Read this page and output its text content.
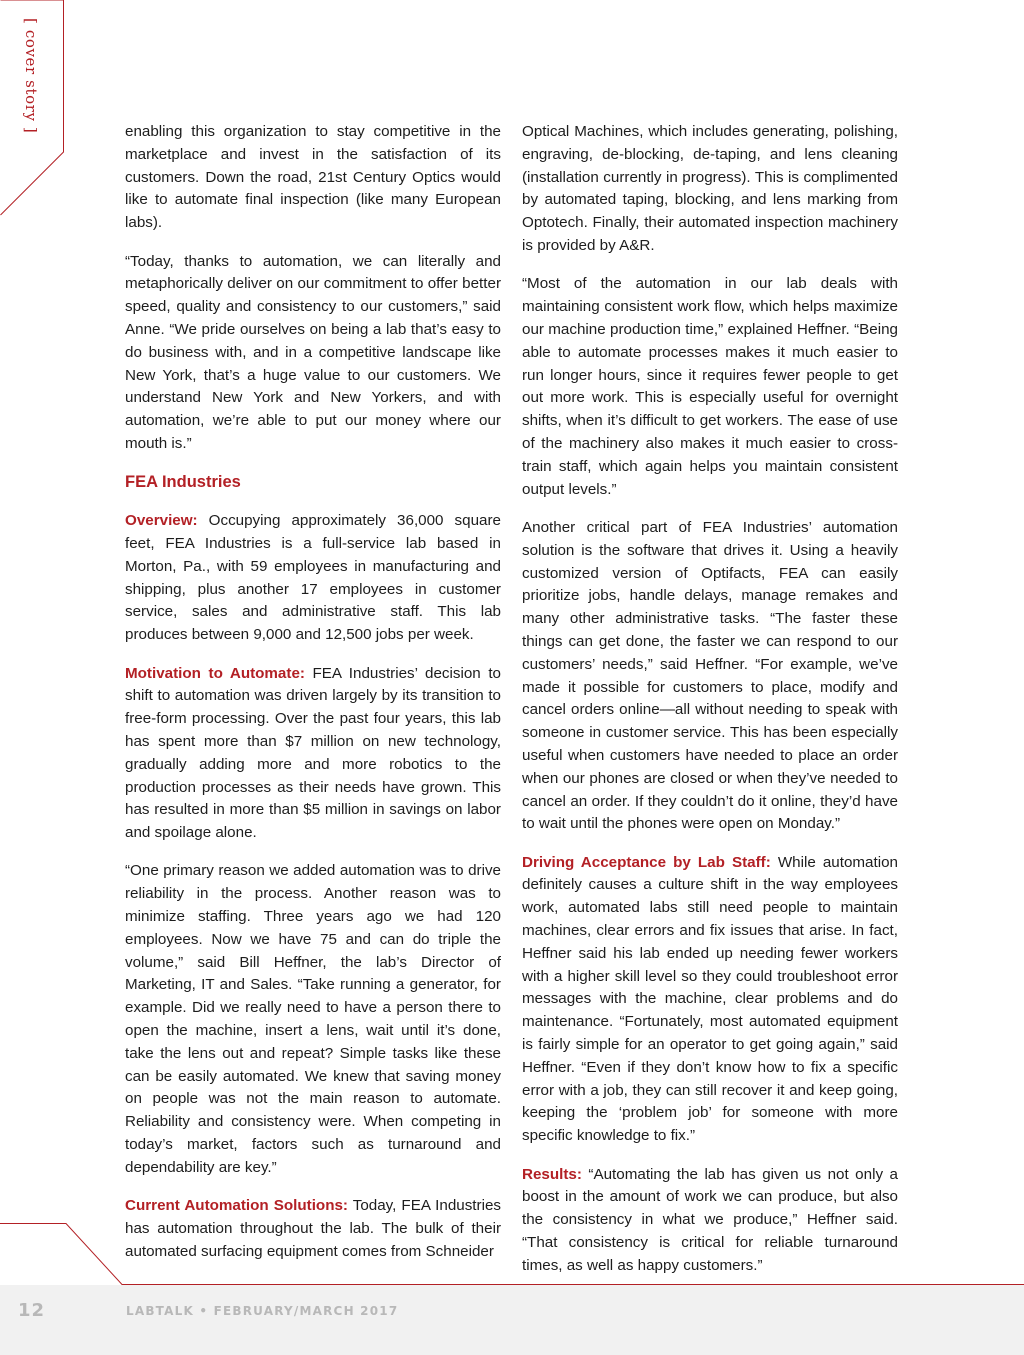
[ cover story ]	enabling this organization to stay competitive in the marketplace and invest in the satisfaction of its customers. Down the road, 21st Century Optics would like to automate final inspection (like many European labs).

“Today, thanks to automation, we can literally and metaphorically deliver on our commitment to offer better speed, quality and consistency to our customers,” said Anne. “We pride ourselves on being a lab that’s easy to do business with, and in a competitive landscape like New York, that’s a huge value to our customers. We understand New York and New Yorkers, and with automation, we’re able to put our money where our mouth is.”

FEA Industries

Overview: Occupying approximately 36,000 square feet, FEA Industries is a full-service lab based in Morton, Pa., with 59 employees in manufacturing and shipping, plus another 17 employees in customer service, sales and administrative staff. This lab produces between 9,000 and 12,500 jobs per week.

Motivation to Automate: FEA Industries’ decision to shift to automation was driven largely by its transition to free-form processing. Over the past four years, this lab has spent more than $7 million on new technology, gradually adding more and more robotics to the production processes as their needs have grown. This has resulted in more than $5 million in savings on labor and spoilage alone.

“One primary reason we added automation was to drive reliability in the process. Another reason was to minimize staffing. Three years ago we had 120 employees. Now we have 75 and can do triple the volume,” said Bill Heffner, the lab’s Director of Marketing, IT and Sales. “Take running a generator, for example. Did we really need to have a person there to open the machine, insert a lens, wait until it’s done, take the lens out and repeat? Simple tasks like these can be easily automated. We knew that saving money on people was not the main reason to automate. Reliability and consistency were. When competing in today’s market, factors such as turnaround and dependability are key.”

Current Automation Solutions: Today, FEA Industries has automation throughout the lab. The bulk of their automated surfacing equipment comes from Schneider

Optical Machines, which includes generating, polishing, engraving, de-blocking, de-taping, and lens cleaning (installation currently in progress). This is complimented by automated taping, blocking, and lens marking from Optotech. Finally, their automated inspection machinery is provided by A&R.

“Most of the automation in our lab deals with maintaining consistent work flow, which helps maximize our machine production time,” explained Heffner. “Being able to automate processes makes it much easier to run longer hours, since it requires fewer people to get out more work. This is especially useful for overnight shifts, when it’s difficult to get workers. The ease of use of the machinery also makes it much easier to cross-train staff, which again helps you maintain consistent output levels.”

Another critical part of FEA Industries’ automation solution is the software that drives it. Using a heavily customized version of Optifacts, FEA can easily prioritize jobs, handle delays, manage remakes and many other administrative tasks. “The faster these things can get done, the faster we can respond to our customers’ needs,” said Heffner. “For example, we’ve made it possible for customers to place, modify and cancel orders online—all without needing to speak with someone in customer service. This has been especially useful when customers have needed to place an order when our phones are closed or when they’ve needed to cancel an order. If they couldn’t do it online, they’d have to wait until the phones were open on Monday.”

Driving Acceptance by Lab Staff: While automation definitely causes a culture shift in the way employees work, automated labs still need people to maintain machines, clear errors and fix issues that arise. In fact, Heffner said his lab ended up needing fewer workers with a higher skill level so they could troubleshoot error messages with the machine, clear problems and do maintenance. “Fortunately, most automated equipment is fairly simple for an operator to get going again,” said Heffner. “Even if they don’t know how to fix a specific error with a job, they can still recover it and keep going, keeping the ‘problem job’ for someone with more specific knowledge to fix.”

Results: “Automating the lab has given us not only a boost in the amount of work we can produce, but also the consistency in what we produce,” Heffner said. “That consistency is critical for reliable turnaround times, as well as happy customers.”

12	LABTALK • FEBRUARY/MARCH 2017
